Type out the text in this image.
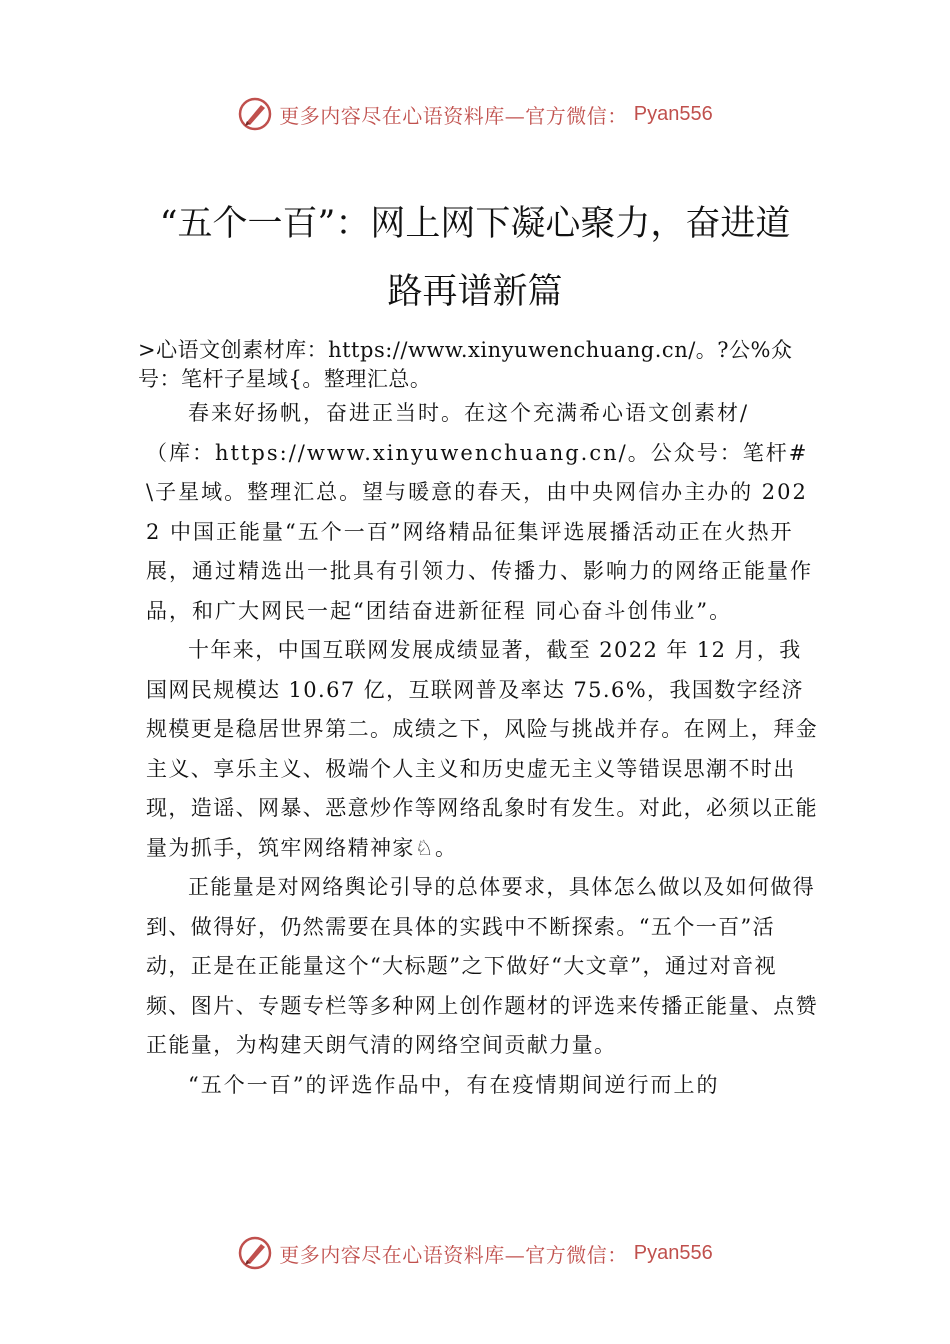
更多内容尽在心语资料库—官方微信： Pyan556
“五个一百”：网上网下凝心聚力，奋进道
路再谱新篇

>心语文创素材库：https://www.xinyuwenchuang.cn/。?公%众号：笔杆子星域{。整理汇总。

春来好扬帆，奋进正当时。在这个充满希心语文创素材/（库：https://www.xinyuwenchuang.cn/。公众号：笔杆#\子星域。整理汇总。望与暖意的春天，由中央网信办主办的 2022 中国正能量“五个一百”网络精品征集评选展播活动正在火热开展，通过精选出一批具有引领力、传播力、影响力的网络正能量作品，和广大网民一起“团结奋进新征程 同心奋斗创伟业”。

十年来，中国互联网发展成绩显著，截至 2022 年 12 月，我国网民规模达 10.67 亿，互联网普及率达 75.6%，我国数字经济规模更是稳居世界第二。成绩之下，风险与挑战并存。在网上，拜金主义、享乐主义、极端个人主义和历史虚无主义等错误思潮不时出现，造谣、网暴、恶意炒作等网络乱象时有发生。对此，必须以正能量为抓手，筑牢网络精神家♘。

正能量是对网络舆论引导的总体要求，具体怎么做以及如何做得到、做得好，仍然需要在具体的实践中不断探索。“五个一百”活动，正是在正能量这个“大标题”之下做好“大文章”，通过对音视频、图片、专题专栏等多种网上创作题材的评选来传播正能量、点赞正能量，为构建天朗气清的网络空间贡献力量。

“五个一百”的评选作品中，有在疫情期间逆行而上的

更多内容尽在心语资料库—官方微信： Pyan556
